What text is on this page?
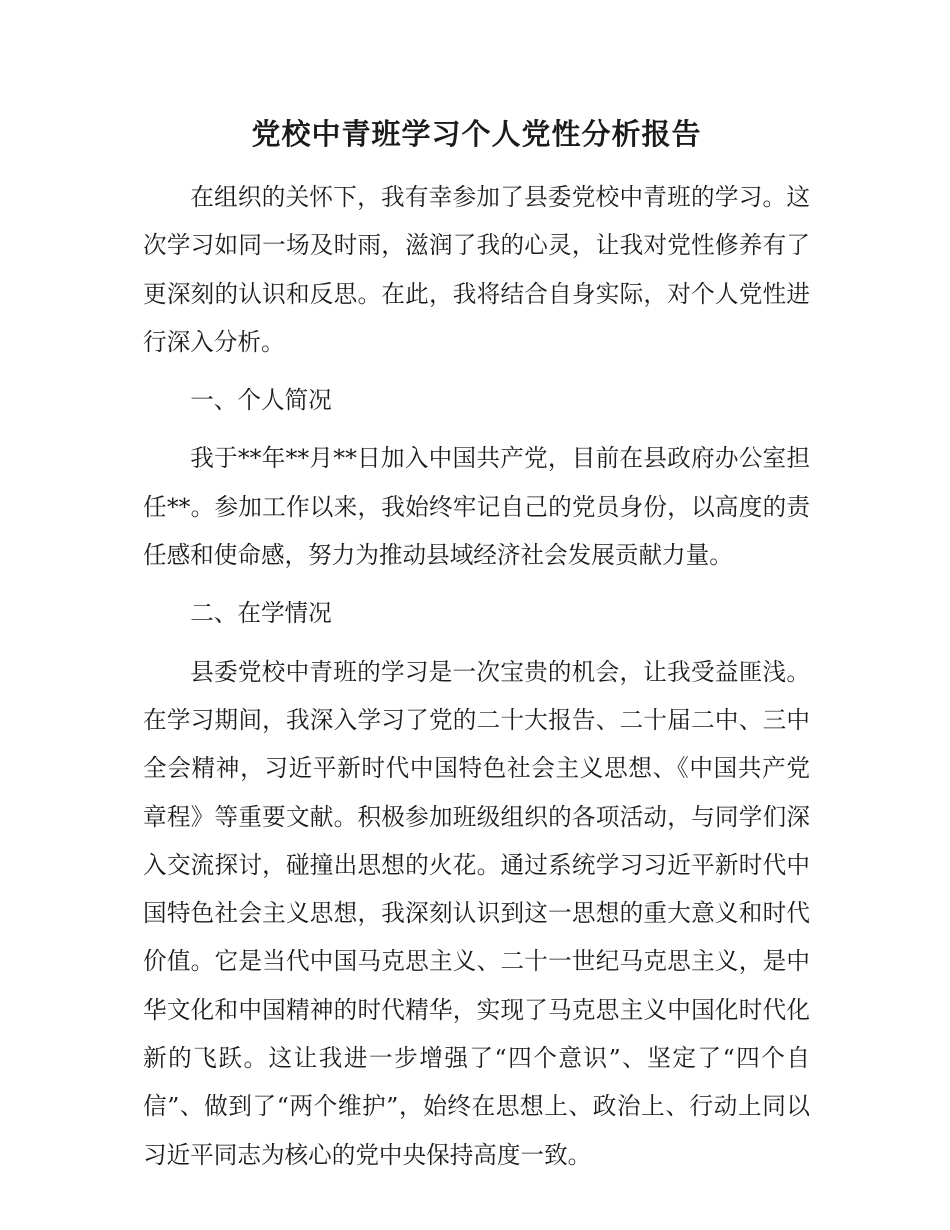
党校中青班学习个人党性分析报告

在组织的关怀下，我有幸参加了县委党校中青班的学习。这次学习如同一场及时雨，滋润了我的心灵，让我对党性修养有了更深刻的认识和反思。在此，我将结合自身实际，对个人党性进行深入分析。

一、个人简况

我于**年**月**日加入中国共产党，目前在县政府办公室担任**。参加工作以来，我始终牢记自己的党员身份，以高度的责任感和使命感，努力为推动县域经济社会发展贡献力量。

二、在学情况

县委党校中青班的学习是一次宝贵的机会，让我受益匪浅。在学习期间，我深入学习了党的二十大报告、二十届二中、三中全会精神，习近平新时代中国特色社会主义思想、《中国共产党章程》等重要文献。积极参加班级组织的各项活动，与同学们深入交流探讨，碰撞出思想的火花。通过系统学习习近平新时代中国特色社会主义思想，我深刻认识到这一思想的重大意义和时代价值。它是当代中国马克思主义、二十一世纪马克思主义，是中华文化和中国精神的时代精华，实现了马克思主义中国化时代化新的飞跃。这让我进一步增强了“四个意识”、坚定了“四个自信”、做到了“两个维护”，始终在思想上、政治上、行动上同以习近平同志为核心的党中央保持高度一致。
